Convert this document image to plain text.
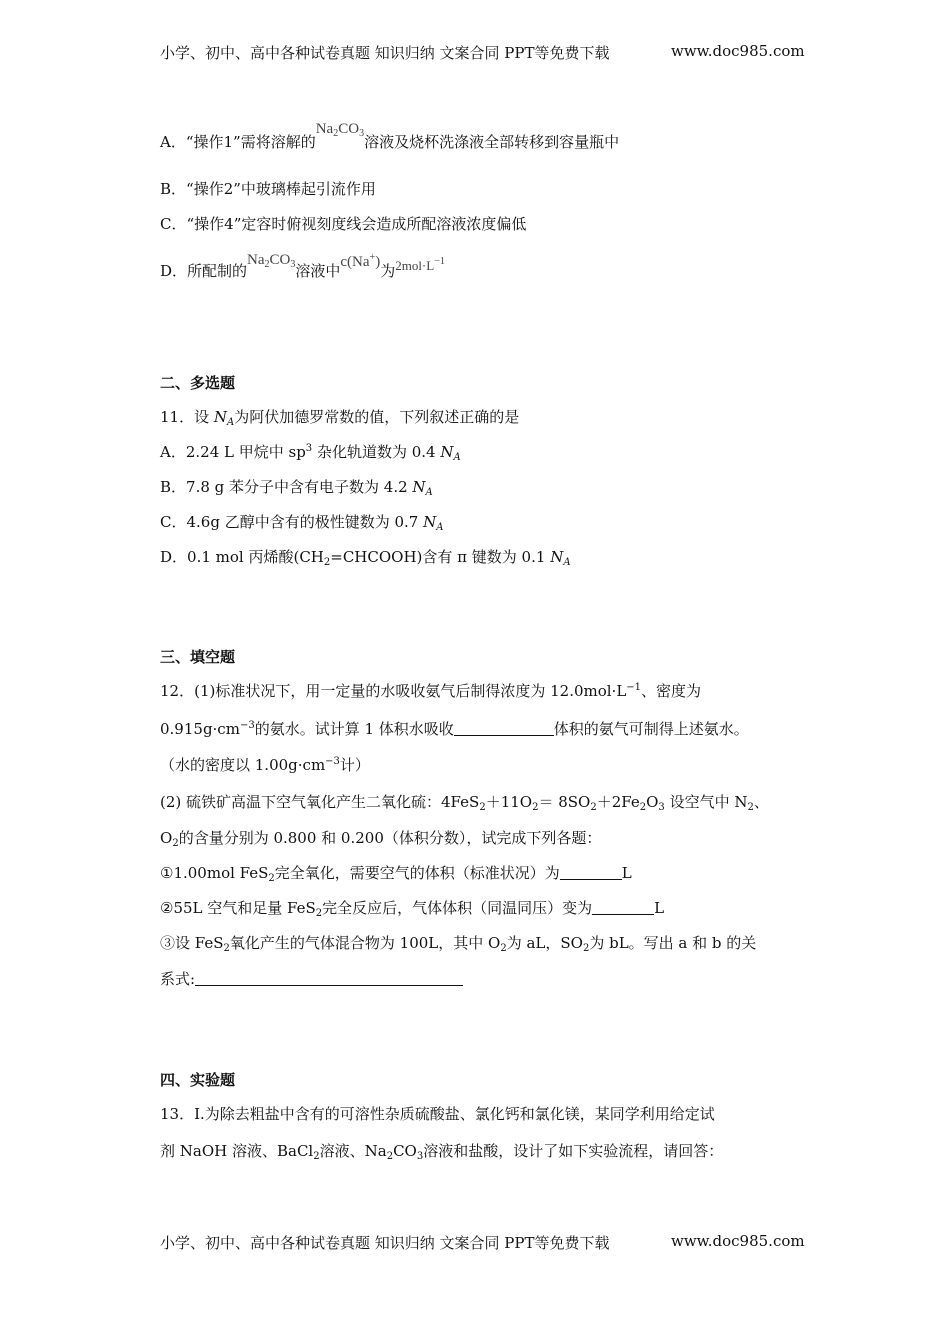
小学、初中、高中各种试卷真题 知识归纳 文案合同 PPT等免费下载	www.doc985.com
A．“操作1”需将溶解的$Na_2CO_3$溶液及烧杯洗涤液全部转移到容量瓶中
B．“操作2”中玻璃棒起引流作用
C．“操作4”定容时俯视刻度线会造成所配溶液浓度偏低
D．所配制的$Na_2CO_3$溶液中c(Na+)为$2mol\cdot L^{-1}$
二、多选题
11．设 $N_A$为阿伏加德罗常数的值，下列叙述正确的是
A．2.24 L 甲烷中 $sp^3$ 杂化轨道数为 0.4 $N_A$
B．7.8 g 苯分子中含有电子数为 4.2 $N_A$
C．4.6g 乙醇中含有的极性键数为 0.7 $N_A$
D．0.1 mol 丙烯酸$(CH_2=CHCOOH)$含有 π 键数为 0.1 $N_A$
三、填空题
12．(1)标准状况下，用一定量的水吸收氨气后制得浓度为 $12.0mol\cdot L^{-1}$、密度为
$0.915g\cdot cm^{-3}$的氨水。试计算 1 体积水吸收	体积的氨气可制得上述氨水。
（水的密度以 $1.00g\cdot cm^{-3}$计）
(2) 硫铁矿高温下空气氧化产生二氧化硫：$4FeS_2+11O_2= 8SO_2+2Fe_2O_3$ 设空气中 $N_2$、
$O_2$的含量分别为 0.800 和 0.200（体积分数），试完成下列各题：
①1.00mol FeS$_2$完全氧化，需要空气的体积（标准状况）为	L
②55L 空气和足量 FeS$_2$完全反应后，气体体积（同温同压）变为	L
③设 FeS$_2$氧化产生的气体混合物为 100L，其中 $O_2$为 aL，$SO_2$为 bL。写出 a 和 b 的关
系式:
四、实验题
13．Ⅰ.为除去粗盐中含有的可溶性杂质硫酸盐、氯化钙和氯化镁，某同学利用给定试
剂 NaOH 溶液、BaCl$_2$溶液、$Na_2CO_3$溶液和盐酸，设计了如下实验流程，请回答：
小学、初中、高中各种试卷真题 知识归纳 文案合同 PPT等免费下载	www.doc985.com
